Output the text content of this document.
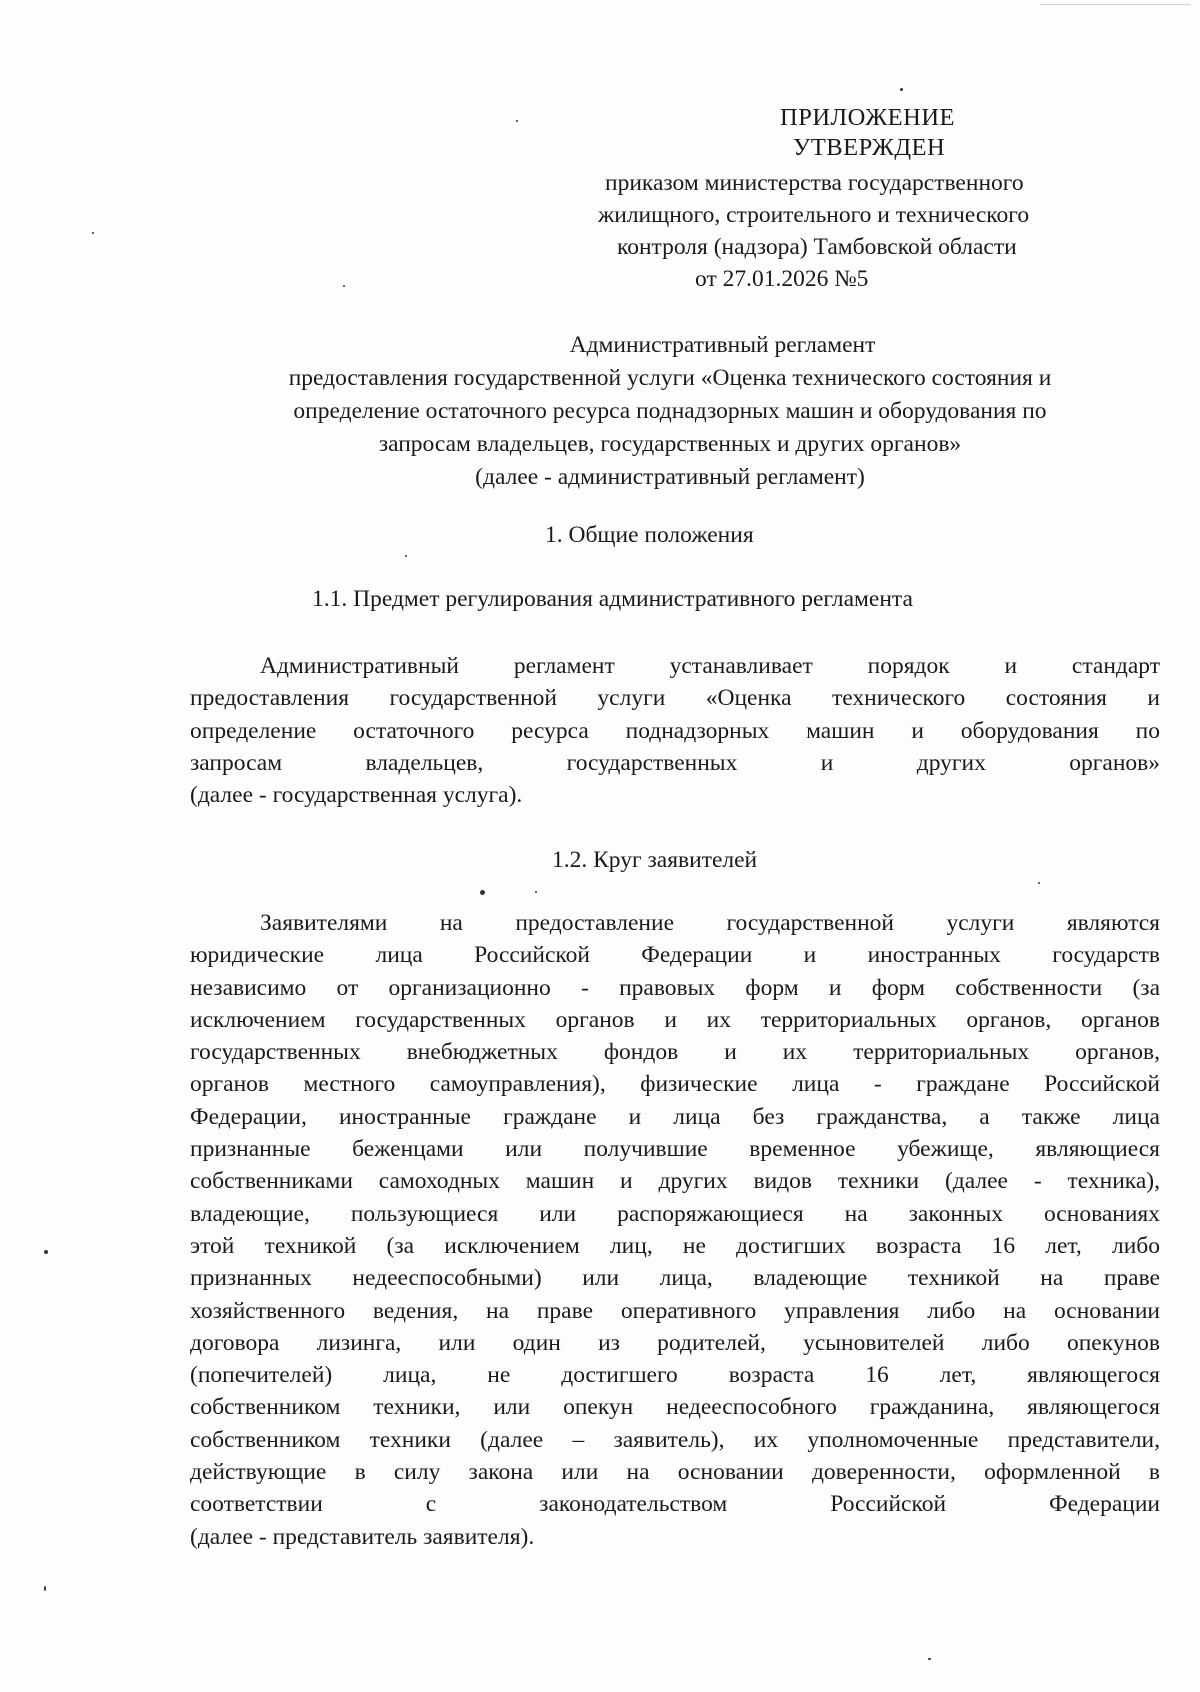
ПРИЛОЖЕНИЕ
УТВЕРЖДЕН
приказом министерства государственного
жилищного, строительного и технического
контроля (надзора) Тамбовской области
от 27.01.2026 №5
Административный регламент
предоставления государственной услуги «Оценка технического состояния и
определение остаточного ресурса поднадзорных машин и оборудования по
запросам владельцев, государственных и других органов»
(далее - административный регламент)
1. Общие положения
1.1. Предмет регулирования административного регламента
Административный регламент устанавливает порядок и стандарт
предоставления государственной услуги «Оценка технического состояния и
определение остаточного ресурса поднадзорных машин и оборудования по
запросам владельцев, государственных и других органов»
(далее - государственная услуга).
1.2. Круг заявителей
Заявителями на предоставление государственной услуги являются
юридические лица Российской Федерации и иностранных государств
независимо от организационно - правовых форм и форм собственности (за
исключением государственных органов и их территориальных органов, органов
государственных внебюджетных фондов и их территориальных органов,
органов местного самоуправления), физические лица - граждане Российской
Федерации, иностранные граждане и лица без гражданства, а также лица
признанные беженцами или получившие временное убежище, являющиеся
собственниками самоходных машин и других видов техники (далее - техника),
владеющие, пользующиеся или распоряжающиеся на законных основаниях
этой техникой (за исключением лиц, не достигших возраста 16 лет, либо
признанных недееспособными) или лица, владеющие техникой на праве
хозяйственного ведения, на праве оперативного управления либо на основании
договора лизинга, или один из родителей, усыновителей либо опекунов
(попечителей) лица, не достигшего возраста 16 лет, являющегося
собственником техники, или опекун недееспособного гражданина, являющегося
собственником техники (далее – заявитель), их уполномоченные представители,
действующие в силу закона или на основании доверенности, оформленной в
соответствии с законодательством Российской Федерации
(далее - представитель заявителя).
